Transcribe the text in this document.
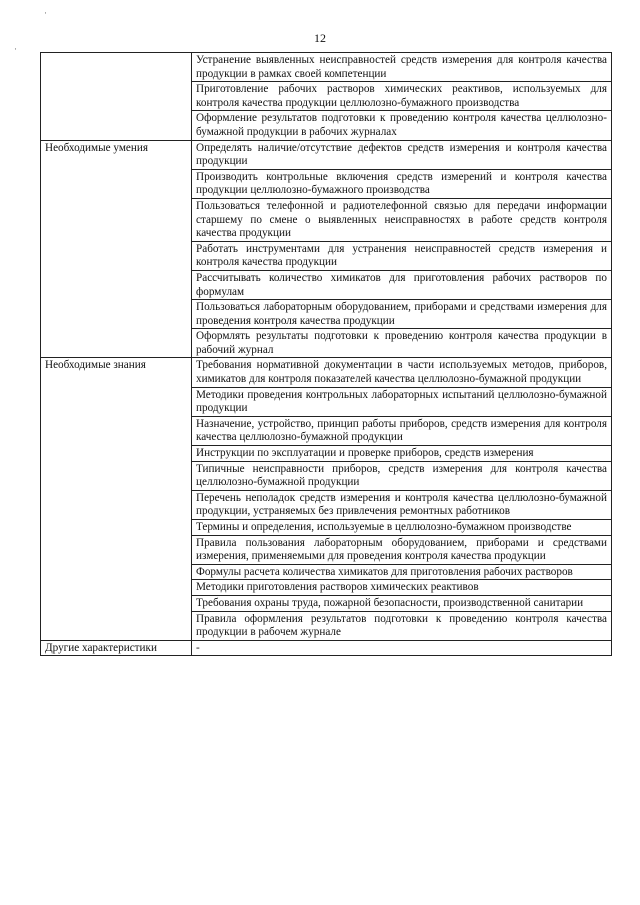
12
·
·
	Устранение выявленных неисправностей средств измерения для контроля качества продукции в рамках своей компетенции
	Приготовление рабочих растворов химических реактивов, используемых для контроля качества продукции целлюлозно-бумажного производства
	Оформление результатов подготовки к проведению контроля качества целлюлозно-бумажной продукции в рабочих журналах
Необходимые умения	Определять наличие/отсутствие дефектов средств измерения и контроля качества продукции
	Производить контрольные включения средств измерений и контроля качества продукции целлюлозно-бумажного производства
	Пользоваться телефонной и радиотелефонной связью для передачи информации старшему по смене о выявленных неисправностях в работе средств контроля качества продукции
	Работать инструментами для устранения неисправностей средств измерения и контроля качества продукции
	Рассчитывать количество химикатов для приготовления рабочих растворов по формулам
	Пользоваться лабораторным оборудованием, приборами и средствами измерения для проведения контроля качества продукции
	Оформлять результаты подготовки к проведению контроля качества продукции в рабочий журнал
Необходимые знания	Требования нормативной документации в части используемых методов, приборов, химикатов для контроля показателей качества целлюлозно-бумажной продукции
	Методики проведения контрольных лабораторных испытаний целлюлозно-бумажной продукции
	Назначение, устройство, принцип работы приборов, средств измерения для контроля качества целлюлозно-бумажной продукции
	Инструкции по эксплуатации и проверке приборов, средств измерения
	Типичные неисправности приборов, средств измерения для контроля качества целлюлозно-бумажной продукции
	Перечень неполадок средств измерения и контроля качества целлюлозно-бумажной продукции, устраняемых без привлечения ремонтных работников
	Термины и определения, используемые в целлюлозно-бумажном производстве
	Правила пользования лабораторным оборудованием, приборами и средствами измерения, применяемыми для проведения контроля качества продукции
	Формулы расчета количества химикатов для приготовления рабочих растворов
	Методики приготовления растворов химических реактивов
	Требования охраны труда, пожарной безопасности, производственной санитарии
	Правила оформления результатов подготовки к проведению контроля качества продукции в рабочем журнале
Другие характеристики	-
